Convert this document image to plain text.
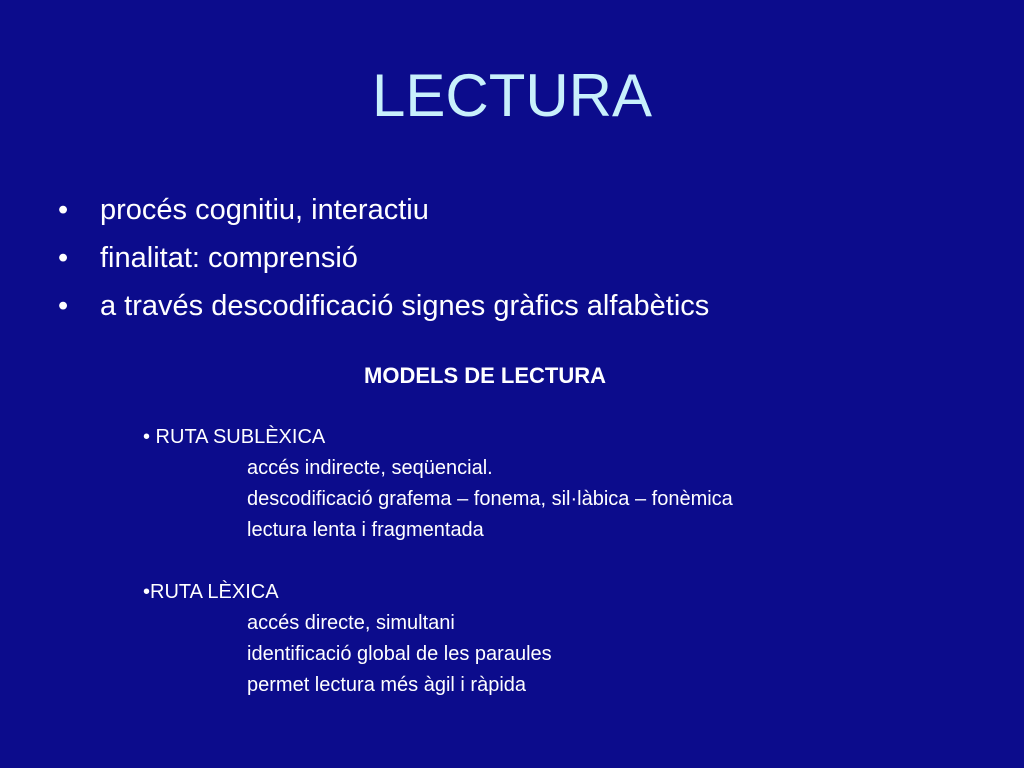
LECTURA
• procés cognitiu, interactiu
• finalitat: comprensió
• a través descodificació signes gràfics alfabètics
MODELS DE LECTURA
• RUTA SUBLÈXICA
accés indirecte, seqüencial.
descodificació grafema – fonema, sil·làbica – fonèmica
lectura lenta i fragmentada
•RUTA LÈXICA
accés directe, simultani
identificació global de les paraules
permet lectura més àgil i ràpida
